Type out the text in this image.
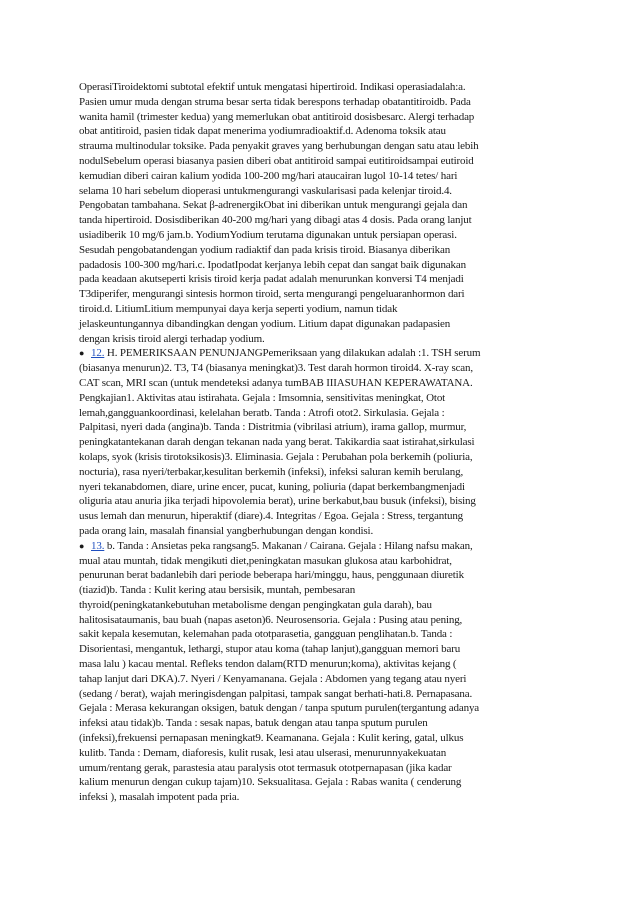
OperasiTiroidektomi subtotal efektif untuk mengatasi hipertiroid. Indikasi operasiadalah:a.
Pasien umur muda dengan struma besar serta tidak berespons terhadap obatantitiroidb. Pada
wanita hamil (trimester kedua) yang memerlukan obat antitiroid dosisbesarc. Alergi terhadap
obat antitiroid, pasien tidak dapat menerima yodiumradioaktif.d. Adenoma toksik atau
strauma multinodular toksike. Pada penyakit graves yang berhubungan dengan satu atau lebih
nodulSebelum operasi biasanya pasien diberi obat antitiroid sampai eutitiroidsampai eutiroid
kemudian diberi cairan kalium yodida 100-200 mg/hari ataucairan lugol 10-14 tetes/ hari
selama 10 hari sebelum dioperasi untukmengurangi vaskularisasi pada kelenjar tiroid.4.
Pengobatan tambahana. Sekat β-adrenergikObat ini diberikan untuk mengurangi gejala dan
tanda hipertiroid. Dosisdiberikan 40-200 mg/hari yang dibagi atas 4 dosis. Pada orang lanjut
usiadiberik 10 mg/6 jam.b. YodiumYodium terutama digunakan untuk persiapan operasi.
Sesudah pengobatandengan yodium radiaktif dan pada krisis tiroid. Biasanya diberikan
padadosis 100-300 mg/hari.c. IpodatIpodat kerjanya lebih cepat dan sangat baik digunakan
pada keadaan akutseperti krisis tiroid kerja padat adalah menurunkan konversi T4 menjadi
T3diperifer, mengurangi sintesis hormon tiroid, serta mengurangi pengeluaranhormon dari
tiroid.d. LitiumLitium mempunyai daya kerja seperti yodium, namun tidak
jelaskeuntungannya dibandingkan dengan yodium. Litium dapat digunakan padapasien
dengan krisis tiroid alergi terhadap yodium.
● 12. H. PEMERIKSAAN PENUNJANGPemeriksaan yang dilakukan adalah :1. TSH serum
(biasanya menurun)2. T3, T4 (biasanya meningkat)3. Test darah hormon tiroid4. X-ray scan,
CAT scan, MRI scan (untuk mendeteksi adanya tumBAB IIIASUHAN KEPERAWATANA.
Pengkajian1. Aktivitas atau istirahata. Gejala : Imsomnia, sensitivitas meningkat, Otot
lemah,gangguankoordinasi, kelelahan beratb. Tanda : Atrofi otot2. Sirkulasia. Gejala :
Palpitasi, nyeri dada (angina)b. Tanda : Distritmia (vibrilasi atrium), irama gallop, murmur,
peningkatantekanan darah dengan tekanan nada yang berat. Takikardia saat istirahat,sirkulasi
kolaps, syok (krisis tirotoksikosis)3. Eliminasia. Gejala : Perubahan pola berkemih (poliuria,
nocturia), rasa nyeri/terbakar,kesulitan berkemih (infeksi), infeksi saluran kemih berulang,
nyeri tekanabdomen, diare, urine encer, pucat, kuning, poliuria (dapat berkembangmenjadi
oliguria atau anuria jika terjadi hipovolemia berat), urine berkabut,bau busuk (infeksi), bising
usus lemah dan menurun, hiperaktif (diare).4. Integritas / Egoa. Gejala : Stress, tergantung
pada orang lain, masalah finansial yangberhubungan dengan kondisi.
● 13. b. Tanda : Ansietas peka rangsang5. Makanan / Cairana. Gejala : Hilang nafsu makan,
mual atau muntah, tidak mengikuti diet,peningkatan masukan glukosa atau karbohidrat,
penurunan berat badanlebih dari periode beberapa hari/minggu, haus, penggunaan diuretik
(tiazid)b. Tanda : Kulit kering atau bersisik, muntah, pembesaran
thyroid(peningkatankebutuhan metabolisme dengan pengingkatan gula darah), bau
halitosisataumanis, bau buah (napas aseton)6. Neurosensoria. Gejala : Pusing atau pening,
sakit kepala kesemutan, kelemahan pada ototparasetia, gangguan penglihatan.b. Tanda :
Disorientasi, mengantuk, lethargi, stupor atau koma (tahap lanjut),gangguan memori baru
masa lalu ) kacau mental. Refleks tendon dalam(RTD menurun;koma), aktivitas kejang (
tahap lanjut dari DKA).7. Nyeri / Kenyamanana. Gejala : Abdomen yang tegang atau nyeri
(sedang / berat), wajah meringisdengan palpitasi, tampak sangat berhati-hati.8. Pernapasana.
Gejala : Merasa kekurangan oksigen, batuk dengan / tanpa sputum purulen(tergantung adanya
infeksi atau tidak)b. Tanda : sesak napas, batuk dengan atau tanpa sputum purulen
(infeksi),frekuensi pernapasan meningkat9. Keamanana. Gejala : Kulit kering, gatal, ulkus
kulitb. Tanda : Demam, diaforesis, kulit rusak, lesi atau ulserasi, menurunnyakekuatan
umum/rentang gerak, parastesia atau paralysis otot termasuk ototpernapasan (jika kadar
kalium menurun dengan cukup tajam)10. Seksualitasa. Gejala : Rabas wanita ( cenderung
infeksi ), masalah impotent pada pria.
